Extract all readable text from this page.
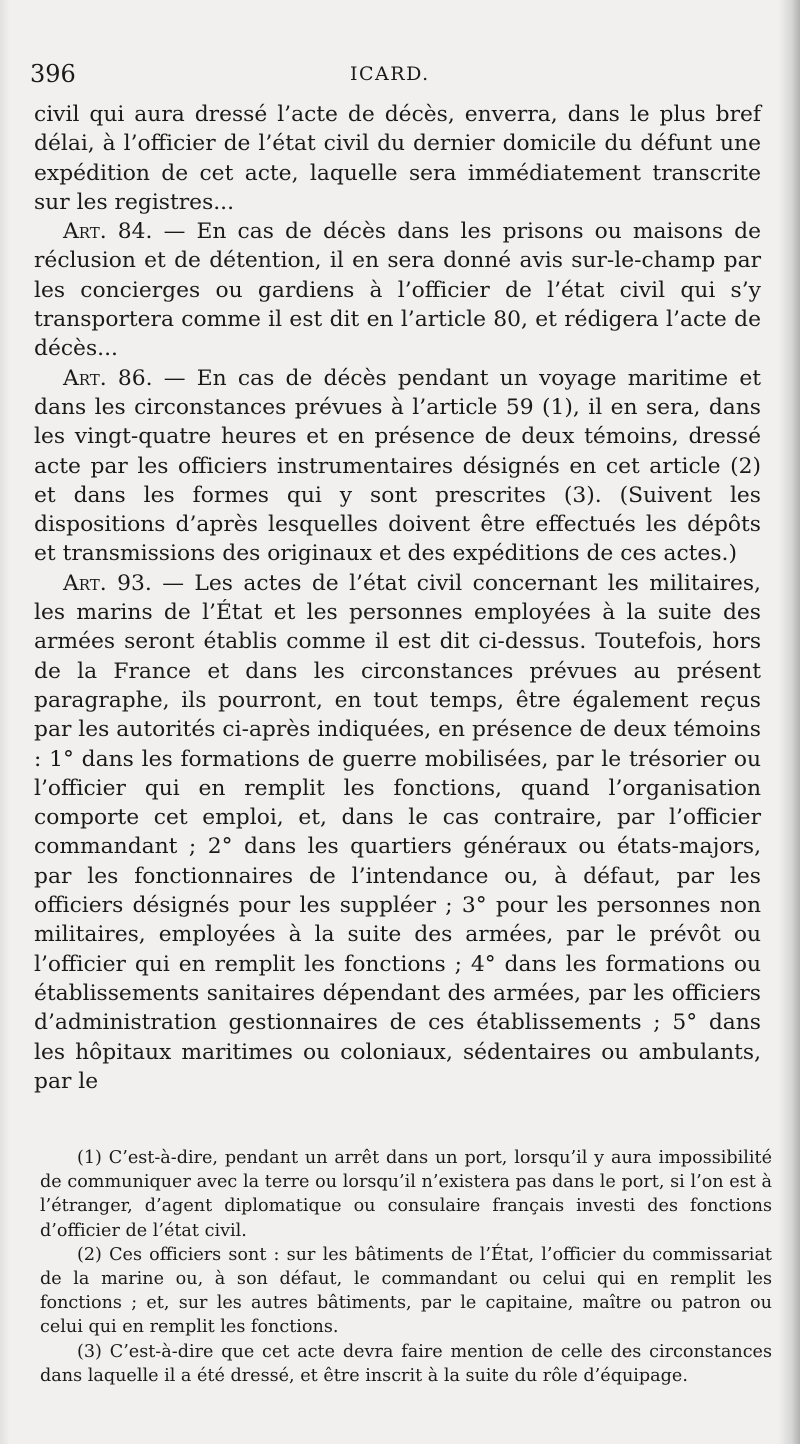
396	ICARD.

civil qui aura dressé l’acte de décès, enverra, dans le plus bref délai, à l’officier de l’état civil du dernier domicile du défunt une expédition de cet acte, laquelle sera immédiatement transcrite sur les registres...

Art. 84. — En cas de décès dans les prisons ou maisons de réclusion et de détention, il en sera donné avis sur-le-champ par les concierges ou gardiens à l’officier de l’état civil qui s’y transportera comme il est dit en l’article 80, et rédigera l’acte de décès...

Art. 86. — En cas de décès pendant un voyage maritime et dans les circonstances prévues à l’article 59 (1), il en sera, dans les vingt-quatre heures et en présence de deux témoins, dressé acte par les officiers instrumentaires désignés en cet article (2) et dans les formes qui y sont prescrites (3). (Suivent les dispositions d’après lesquelles doivent être effectués les dépôts et transmissions des originaux et des expéditions de ces actes.)

Art. 93. — Les actes de l’état civil concernant les militaires, les marins de l’État et les personnes employées à la suite des armées seront établis comme il est dit ci-dessus. Toutefois, hors de la France et dans les circonstances prévues au présent paragraphe, ils pourront, en tout temps, être également reçus par les autorités ci-après indiquées, en présence de deux témoins : 1° dans les formations de guerre mobilisées, par le trésorier ou l’officier qui en remplit les fonctions, quand l’organisation comporte cet emploi, et, dans le cas contraire, par l’officier commandant ; 2° dans les quartiers généraux ou états-majors, par les fonctionnaires de l’intendance ou, à défaut, par les officiers désignés pour les suppléer ; 3° pour les personnes non militaires, employées à la suite des armées, par le prévôt ou l’officier qui en remplit les fonctions ; 4° dans les formations ou établissements sanitaires dépendant des armées, par les officiers d’administration gestionnaires de ces établissements ; 5° dans les hôpitaux maritimes ou coloniaux, sédentaires ou ambulants, par le

(1) C’est-à-dire, pendant un arrêt dans un port, lorsqu’il y aura impossibilité de communiquer avec la terre ou lorsqu’il n’existera pas dans le port, si l’on est à l’étranger, d’agent diplomatique ou consulaire français investi des fonctions d’officier de l’état civil.

(2) Ces officiers sont : sur les bâtiments de l’État, l’officier du commissariat de la marine ou, à son défaut, le commandant ou celui qui en remplit les fonctions ; et, sur les autres bâtiments, par le capitaine, maître ou patron ou celui qui en remplit les fonctions.

(3) C’est-à-dire que cet acte devra faire mention de celle des circonstances dans laquelle il a été dressé, et être inscrit à la suite du rôle d’équipage.
